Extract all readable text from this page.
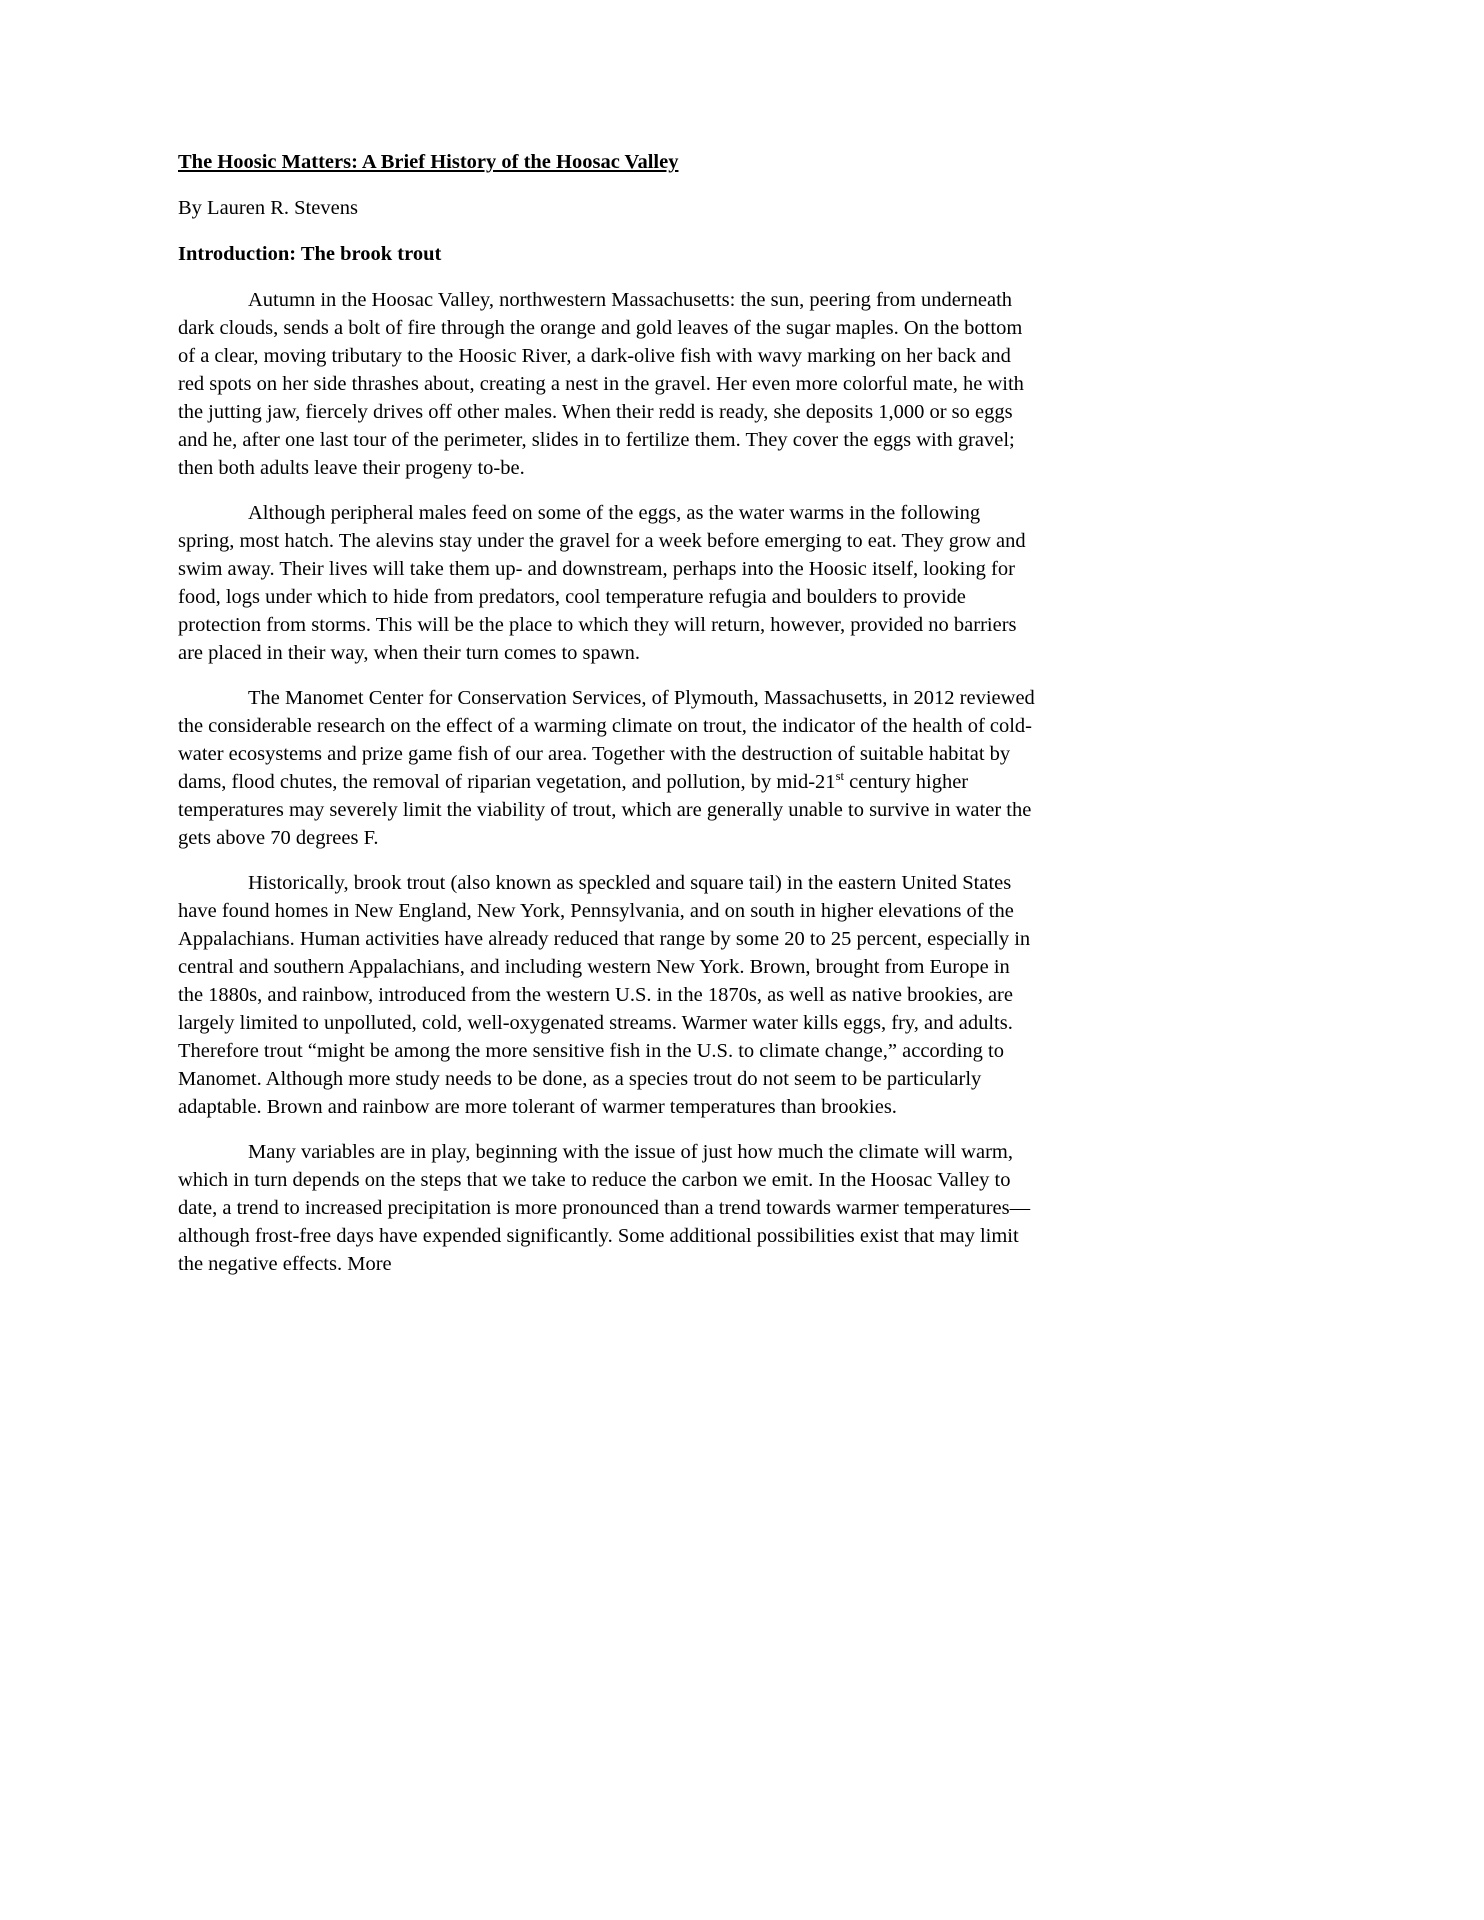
The Hoosic Matters: A Brief History of the Hoosac Valley
By Lauren R. Stevens
Introduction: The brook trout

Autumn in the Hoosac Valley, northwestern Massachusetts: the sun, peering from underneath dark clouds, sends a bolt of fire through the orange and gold leaves of the sugar maples. On the bottom of a clear, moving tributary to the Hoosic River, a dark-olive fish with wavy marking on her back and red spots on her side thrashes about, creating a nest in the gravel. Her even more colorful mate, he with the jutting jaw, fiercely drives off other males. When their redd is ready, she deposits 1,000 or so eggs and he, after one last tour of the perimeter, slides in to fertilize them. They cover the eggs with gravel; then both adults leave their progeny to-be.

Although peripheral males feed on some of the eggs, as the water warms in the following spring, most hatch. The alevins stay under the gravel for a week before emerging to eat. They grow and swim away. Their lives will take them up- and downstream, perhaps into the Hoosic itself, looking for food, logs under which to hide from predators, cool temperature refugia and boulders to provide protection from storms. This will be the place to which they will return, however, provided no barriers are placed in their way, when their turn comes to spawn.

The Manomet Center for Conservation Services, of Plymouth, Massachusetts, in 2012 reviewed the considerable research on the effect of a warming climate on trout, the indicator of the health of cold-water ecosystems and prize game fish of our area. Together with the destruction of suitable habitat by dams, flood chutes, the removal of riparian vegetation, and pollution, by mid-21st century higher temperatures may severely limit the viability of trout, which are generally unable to survive in water the gets above 70 degrees F.

Historically, brook trout (also known as speckled and square tail) in the eastern United States have found homes in New England, New York, Pennsylvania, and on south in higher elevations of the Appalachians. Human activities have already reduced that range by some 20 to 25 percent, especially in central and southern Appalachians, and including western New York. Brown, brought from Europe in the 1880s, and rainbow, introduced from the western U.S. in the 1870s, as well as native brookies, are largely limited to unpolluted, cold, well-oxygenated streams. Warmer water kills eggs, fry, and adults. Therefore trout “might be among the more sensitive fish in the U.S. to climate change,” according to Manomet. Although more study needs to be done, as a species trout do not seem to be particularly adaptable. Brown and rainbow are more tolerant of warmer temperatures than brookies.

Many variables are in play, beginning with the issue of just how much the climate will warm, which in turn depends on the steps that we take to reduce the carbon we emit. In the Hoosac Valley to date, a trend to increased precipitation is more pronounced than a trend towards warmer temperatures—although frost-free days have expended significantly. Some additional possibilities exist that may limit the negative effects. More
